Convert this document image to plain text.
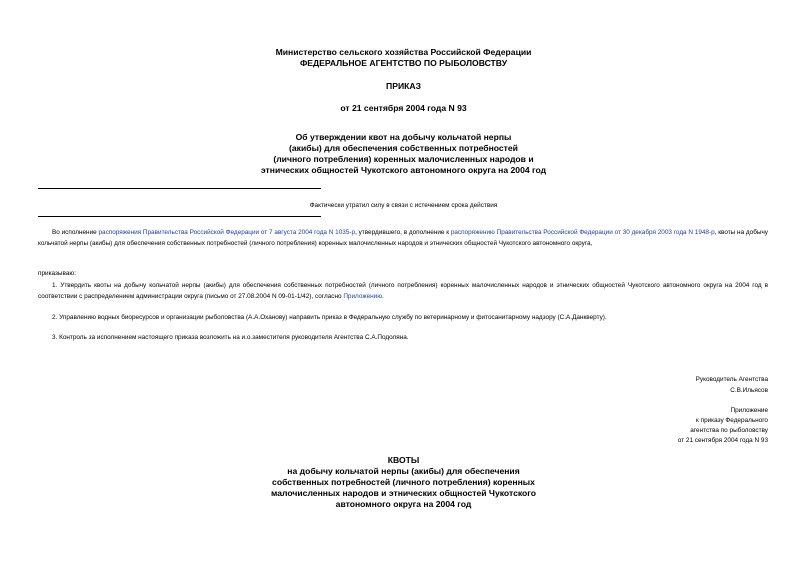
Министерство сельского хозяйства Российской Федерации
ФЕДЕРАЛЬНОЕ АГЕНТСТВО ПО РЫБОЛОВСТВУ
ПРИКАЗ
от 21 сентября 2004 года N 93
Об утверждении квот на добычу кольчатой нерпы
(акибы) для обеспечения собственных потребностей
(личного потребления) коренных малочисленных народов и
этнических общностей Чукотского автономного округа на 2004 год
Фактически утратил силу в связи с истечением срока действия
Во исполнение распоряжения Правительства Российской Федерации от 7 августа 2004 года N 1035-р, утвердившего, в дополнение к распоряжению Правительства Российской Федерации от 30 декабря 2003 года N 1948-р, квоты на добычу кольчатой нерпы (акибы) для обеспечения собственных потребностей (личного потребления) коренных малочисленных народов и этнических общностей Чукотского автономного округа,
приказываю:
1. Утвердить квоты на добычу кольчатой нерпы (акибы) для обеспечения собственных потребностей (личного потребления) коренных малочисленных народов и этнических общностей Чукотского автономного округа на 2004 год в соответствии с распределением администрации округа (письмо от 27.08.2004 N 09-01-1/42), согласно Приложению.
2. Управлению водных биоресурсов и организации рыболовства (А.А.Оханову) направить приказ в Федеральную службу по ветеринарному и фитосанитарному надзору (С.А.Данкверту).
3. Контроль за исполнением настоящего приказа возложить на и.о.заместителя руководителя Агентства С.А.Подоляна.
Руководитель Агентства
С.В.Ильясов
Приложение
к приказу Федерального
агентства по рыболовству
от 21 сентября 2004 года N 93
КВОТЫ
на добычу кольчатой нерпы (акибы) для обеспечения
собственных потребностей (личного потребления) коренных
малочисленных народов и этнических общностей Чукотского
автономного округа на 2004 год
